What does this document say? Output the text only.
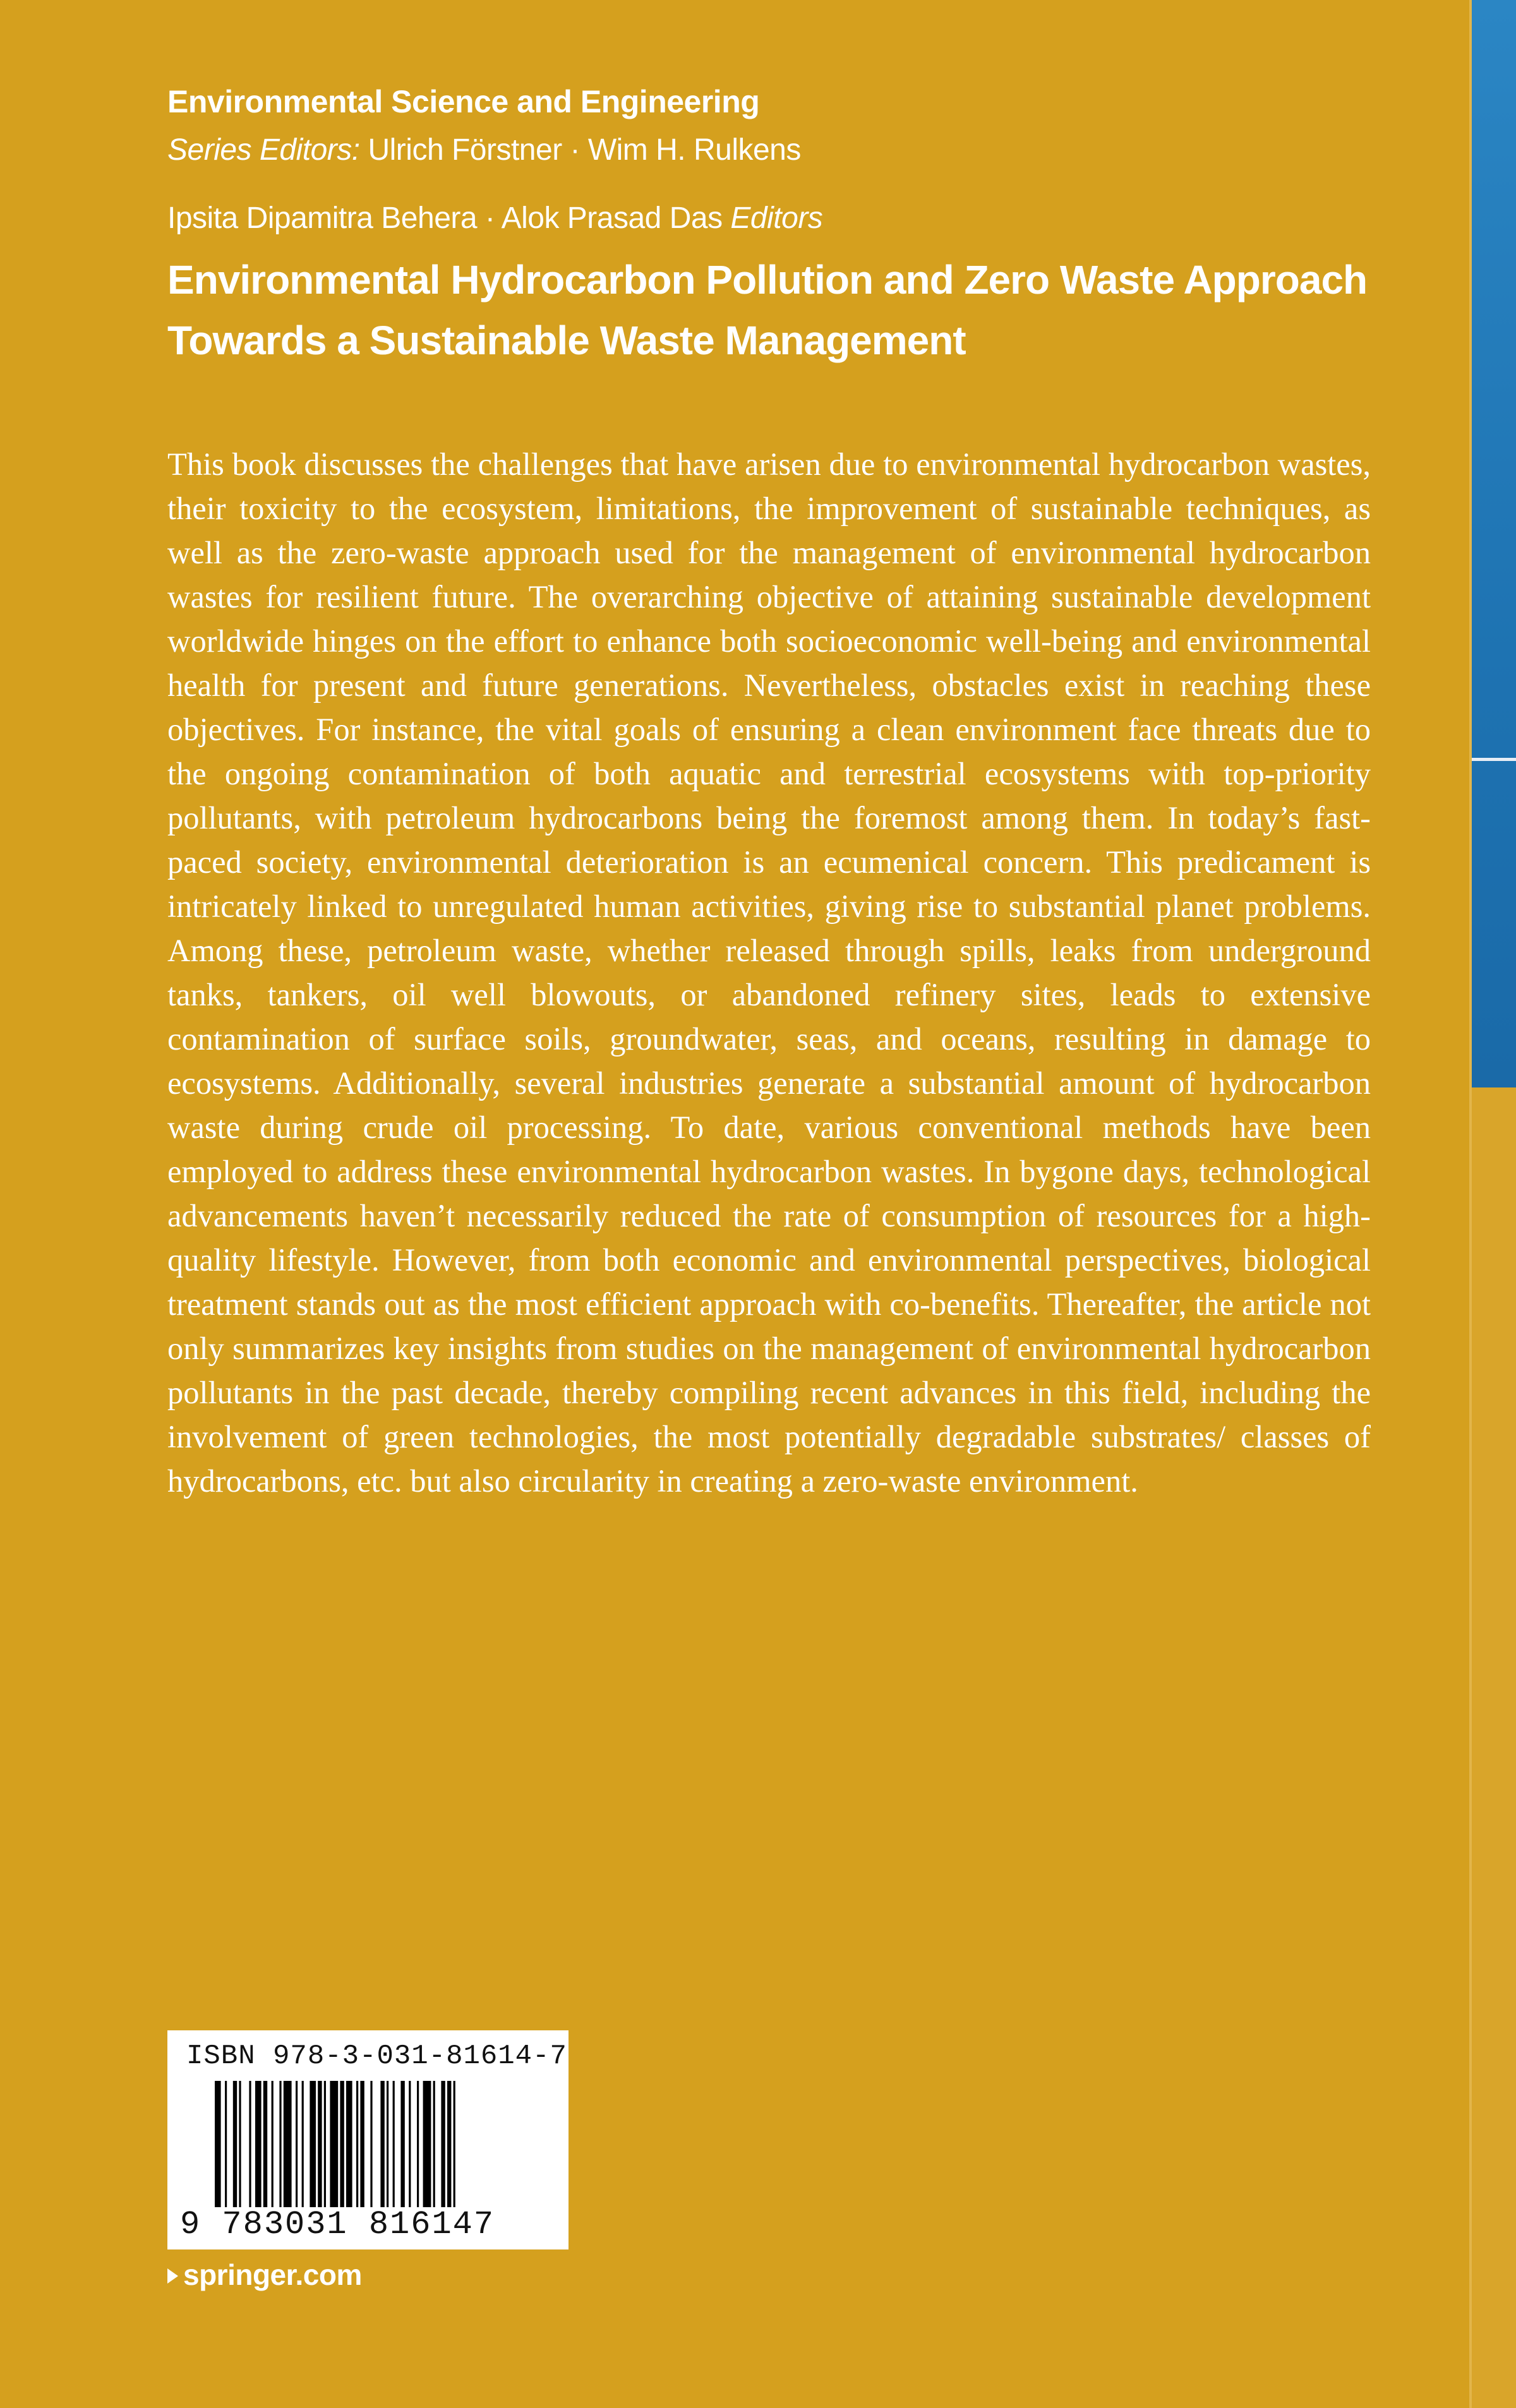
Environmental Science and Engineering
Series Editors: Ulrich Förstner · Wim H. Rulkens
Ipsita Dipamitra Behera · Alok Prasad Das Editors
Environmental Hydrocarbon Pollution and Zero Waste Approach
Towards a Sustainable Waste Management
This book discusses the challenges that have arisen due to environmental hydrocarbon wastes, their toxicity to the ecosystem, limitations, the improvement of sustainable techniques, as well as the zero-waste approach used for the management of environmental hydrocarbon wastes for resilient future. The overarching objective of attaining sustainable development worldwide hinges on the effort to enhance both socioeconomic well-being and environmental health for present and future generations. Nevertheless, obstacles exist in reaching these objectives. For instance, the vital goals of ensuring a clean environment face threats due to the ongoing contamination of both aquatic and terrestrial ecosystems with top-priority pollutants, with petroleum hydrocarbons being the foremost among them. In today’s fast-paced society, environmental deterioration is an ecumenical concern. This predicament is intricately linked to unregulated human activities, giving rise to substantial planet problems. Among these, petroleum waste, whether released through spills, leaks from underground tanks, tankers, oil well blowouts, or abandoned refinery sites, leads to extensive contamination of surface soils, groundwater, seas, and oceans, resulting in damage to ecosystems. Additionally, several industries generate a substantial amount of hydrocarbon waste during crude oil processing. To date, various conventional methods have been employed to address these environmental hydrocarbon wastes. In bygone days, technological advancements haven’t necessarily reduced the rate of consumption of resources for a high-quality lifestyle. However, from both economic and environmental perspectives, biological treatment stands out as the most efficient approach with co-benefits. Thereafter, the article not only summarizes key insights from studies on the management of environmental hydrocarbon pollutants in the past decade, thereby compiling recent advances in this field, including the involvement of green technologies, the most potentially degradable substrates/ classes of hydrocarbons, etc. but also circularity in creating a zero-waste environment.
ISBN 978-3-031-81614-7
9 783031 816147
springer.com
